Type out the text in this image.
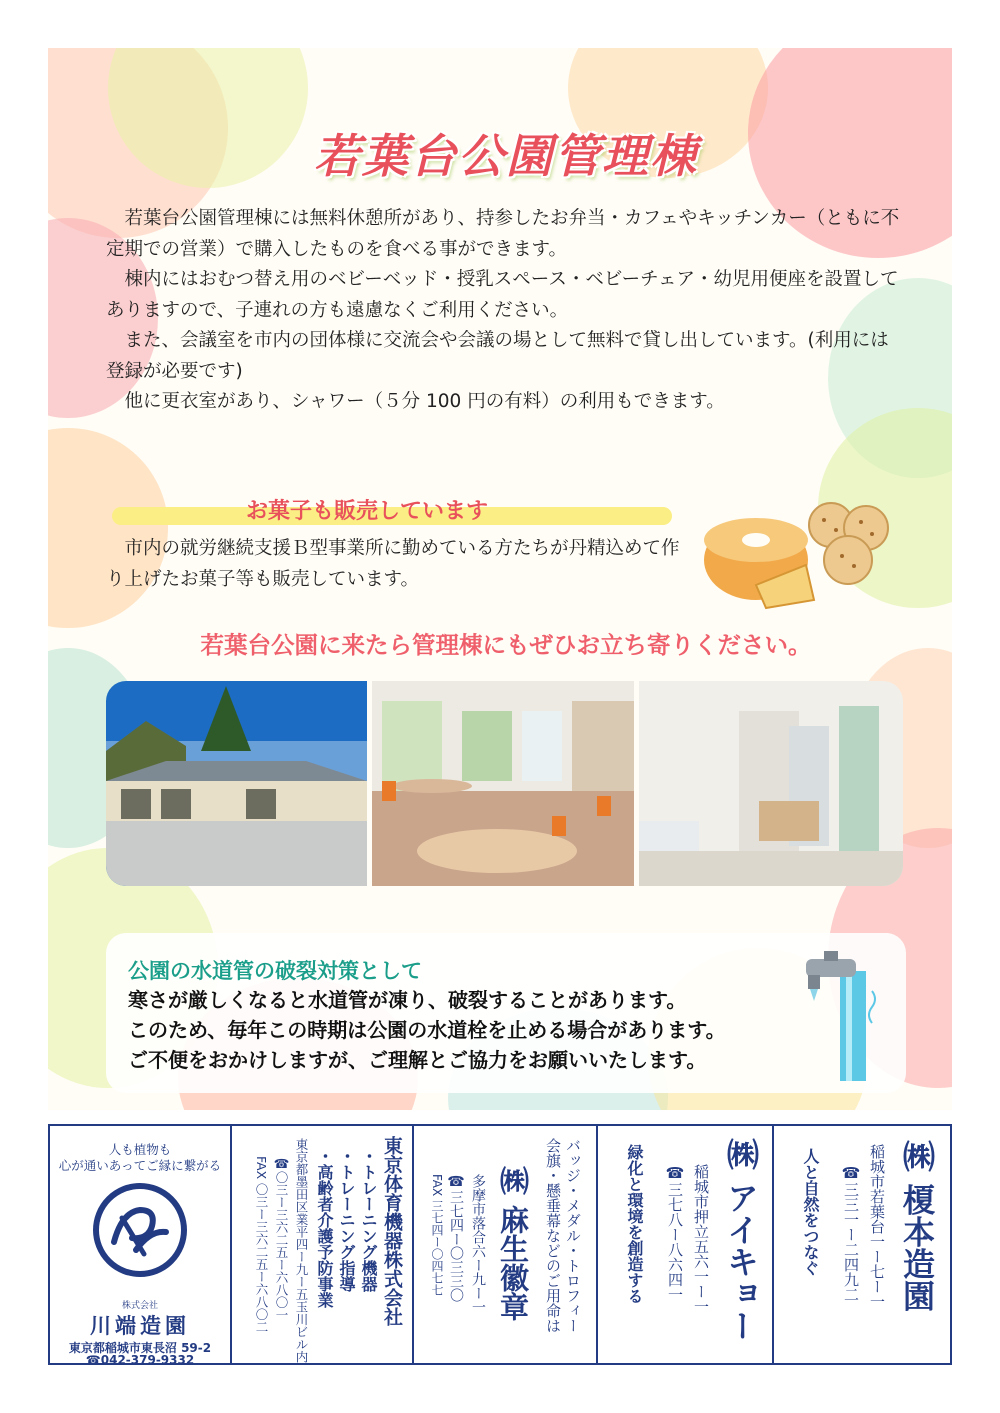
若葉台公園管理棟

若葉台公園管理棟には無料休憩所があり、持参したお弁当・カフェやキッチンカー（ともに不定期での営業）で購入したものを食べる事ができます。

棟内にはおむつ替え用のベビーベッド・授乳スペース・ベビーチェア・幼児用便座を設置してありますので、子連れの方も遠慮なくご利用ください。

また、会議室を市内の団体様に交流会や会議の場として無料で貸し出しています。(利用には登録が必要です)

他に更衣室があり、シャワー（５分 100 円の有料）の利用もできます。

お菓子も販売しています

市内の就労継続支援Ｂ型事業所に勤めている方たちが丹精込めて作り上げたお菓子等も販売しています。

若葉台公園に来たら管理棟にもぜひお立ち寄りください。
公園の水道管の破裂対策として

寒さが厳しくなると水道管が凍り、破裂することがあります。

このため、毎年この時期は公園の水道栓を止める場合があります。

ご不便をおかけしますが、ご理解とご協力をお願いいたします。

㈱ 榎本造園
稲城市若葉台一ー七ー一
☎三三一ー二四九二
人と自然をつなぐ
㈱ アイキョー
稲城市押立五六一ー一
☎三七八ー八六四一
緑化と環境を創造する
バッジ・メダル・トロフィー
会旗・懸垂幕などのご用命は
㈱ 麻生徽章
多摩市落合六ー九ー一
☎三七四ー〇三三〇
FAX 三七四ー〇四七七
東京体育機器株式会社
・トレーニング機器
・トレーニング指導
・高齢者介護予防事業
東京都墨田区業平四ー九ー五玉川ビル内
☎〇三ー三六二五ー六八〇一
FAX 〇三ー三六二五ー六八〇二
人も植物も
心が通いあってご縁に繋がる
株式会社
川端造園
東京都稲城市東長沼 59-2
☎042-379-9332
